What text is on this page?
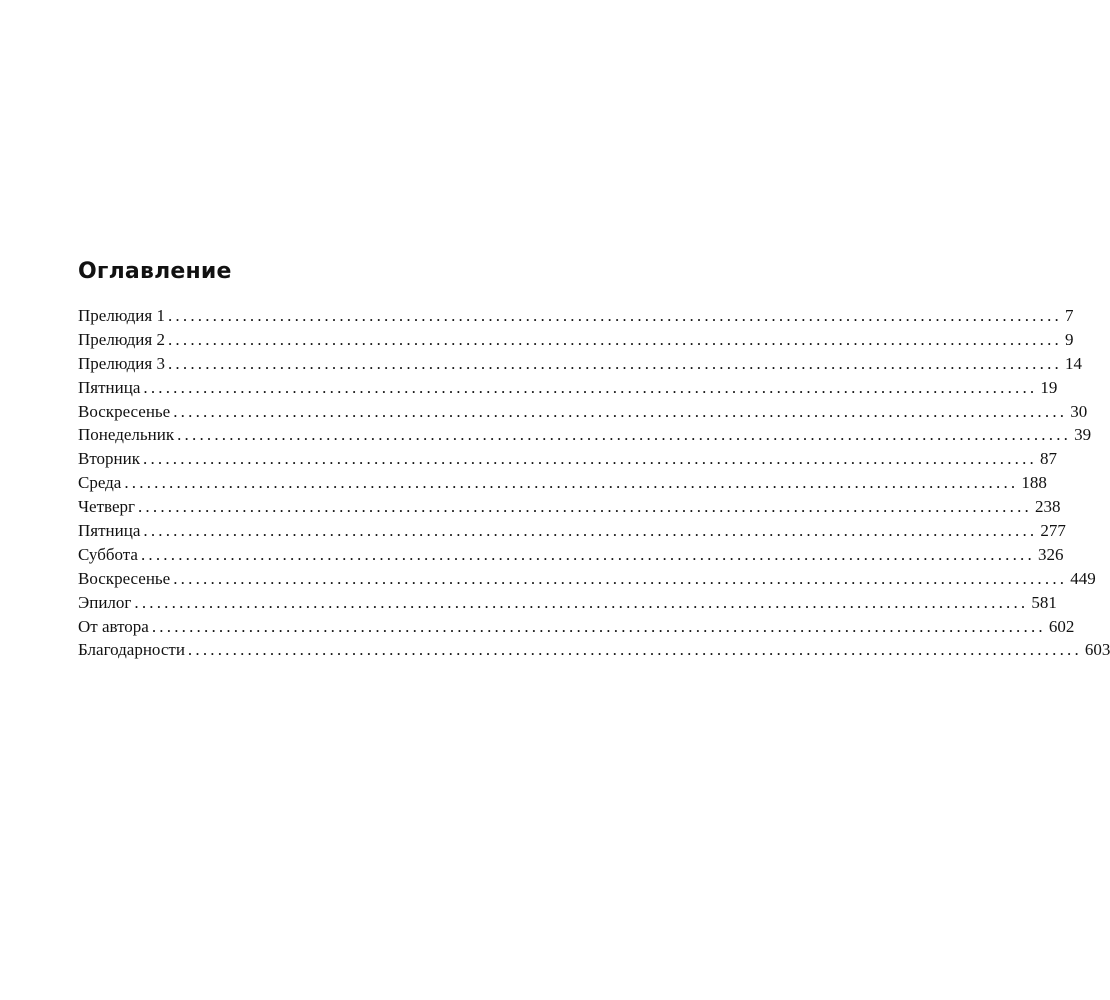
Оглавление
Прелюдия 1 ........................................................................................................................ 7
Прелюдия 2 ........................................................................................................................ 9
Прелюдия 3 ........................................................................................................................ 14
Пятница ........................................................................................................................ 19
Воскресенье ........................................................................................................................ 30
Понедельник ........................................................................................................................ 39
Вторник ........................................................................................................................ 87
Среда ........................................................................................................................ 188
Четверг ........................................................................................................................ 238
Пятница ........................................................................................................................ 277
Суббота ........................................................................................................................ 326
Воскресенье ........................................................................................................................ 449
Эпилог ........................................................................................................................ 581
От автора ........................................................................................................................ 602
Благодарности ........................................................................................................................ 603
